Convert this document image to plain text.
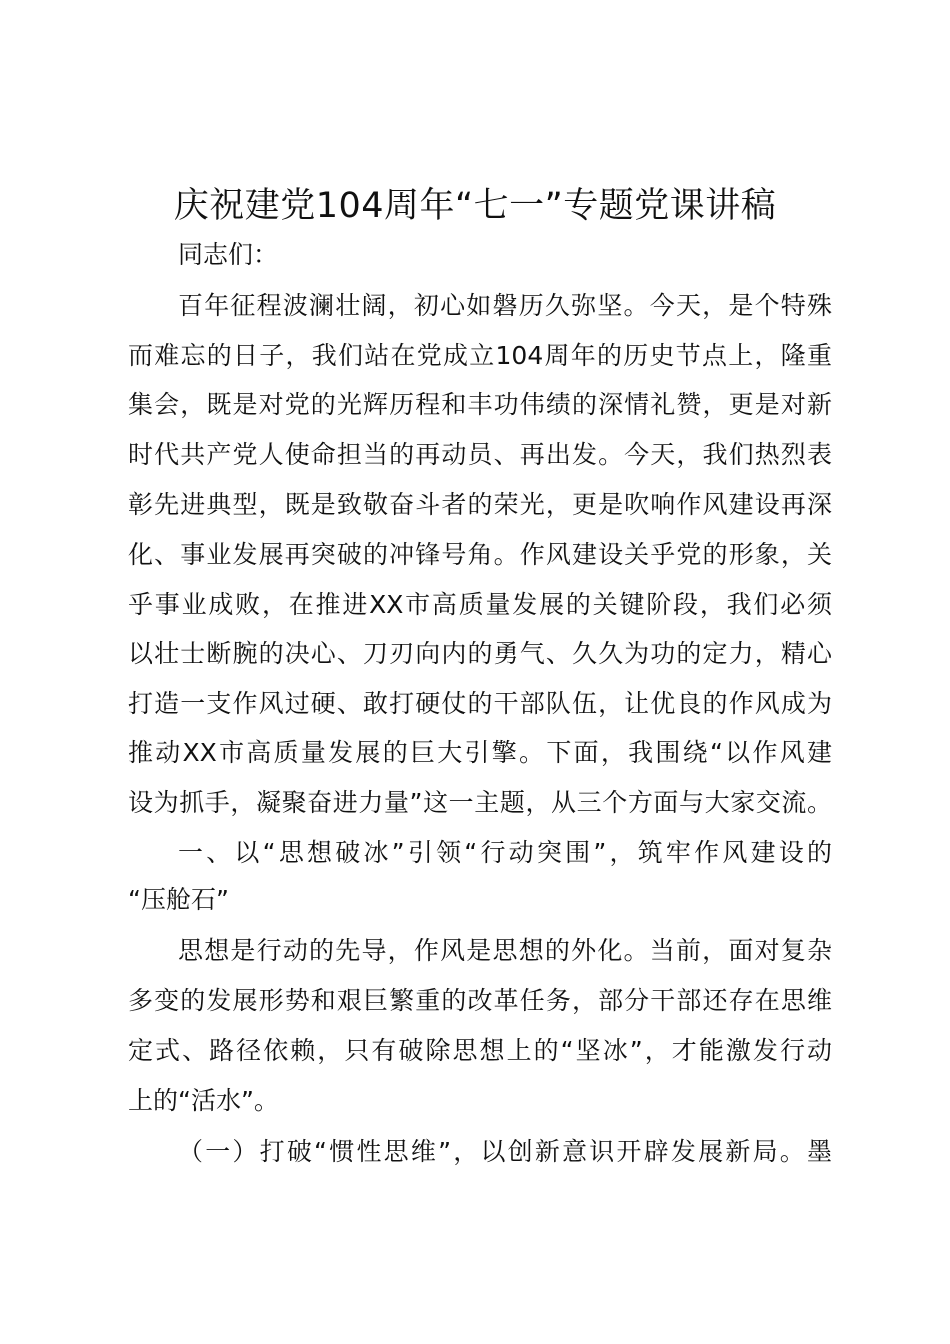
庆祝建党104周年“七一”专题党课讲稿
同志们：
百年征程波澜壮阔，初心如磐历久弥坚。今天，是个特殊
而难忘的日子，我们站在党成立104周年的历史节点上，隆重
集会，既是对党的光辉历程和丰功伟绩的深情礼赞，更是对新
时代共产党人使命担当的再动员、再出发。今天，我们热烈表
彰先进典型，既是致敬奋斗者的荣光，更是吹响作风建设再深
化、事业发展再突破的冲锋号角。作风建设关乎党的形象，关
乎事业成败，在推进XX市高质量发展的关键阶段，我们必须
以壮士断腕的决心、刀刃向内的勇气、久久为功的定力，精心
打造一支作风过硬、敢打硬仗的干部队伍，让优良的作风成为
推动XX市高质量发展的巨大引擎。下面，我围绕“以作风建
设为抓手，凝聚奋进力量”这一主题，从三个方面与大家交流。
一、以“思想破冰”引领“行动突围”，筑牢作风建设的
“压舱石”
思想是行动的先导，作风是思想的外化。当前，面对复杂
多变的发展形势和艰巨繁重的改革任务，部分干部还存在思维
定式、路径依赖，只有破除思想上的“坚冰”，才能激发行动
上的“活水”。
（一）打破“惯性思维”，以创新意识开辟发展新局。墨
